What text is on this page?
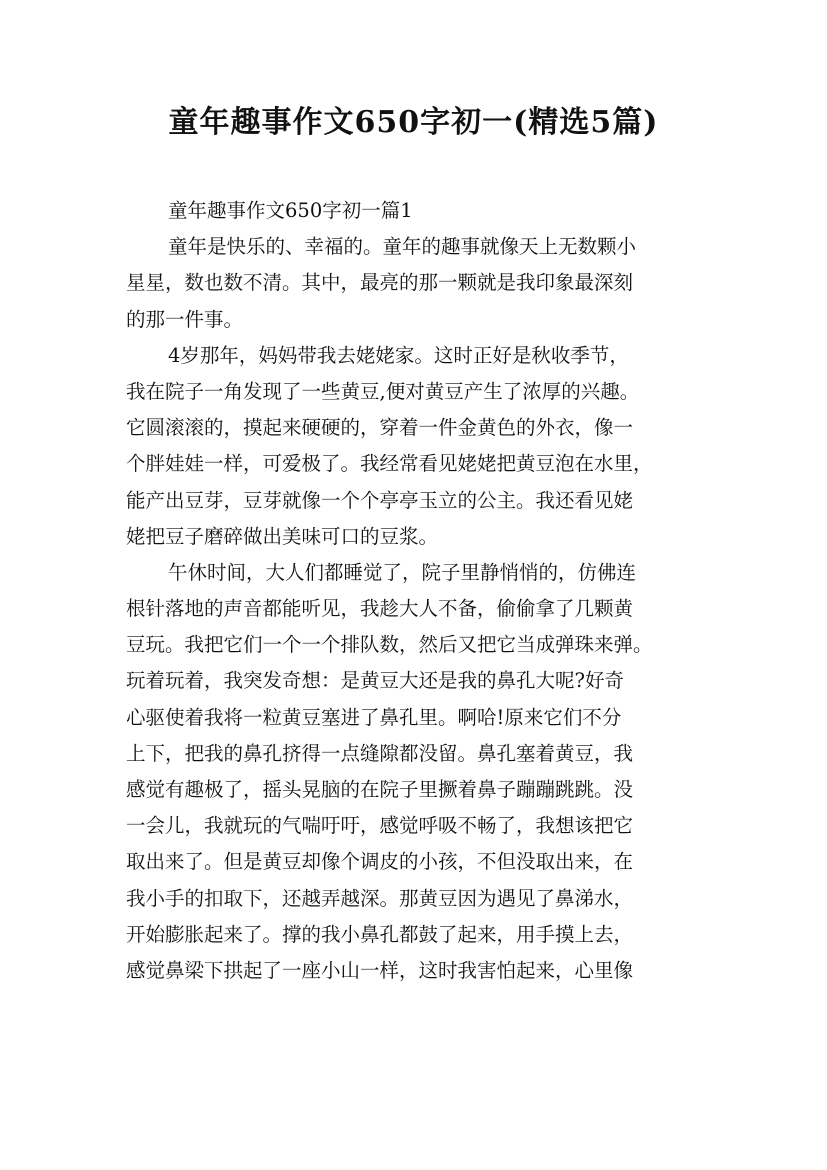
童年趣事作文650字初一(精选5篇)
童年趣事作文650字初一篇1
童年是快乐的、幸福的。童年的趣事就像天上无数颗小
星星，数也数不清。其中，最亮的那一颗就是我印象最深刻
的那一件事。
4岁那年，妈妈带我去姥姥家。这时正好是秋收季节，
我在院子一角发现了一些黄豆,便对黄豆产生了浓厚的兴趣。
它圆滚滚的，摸起来硬硬的，穿着一件金黄色的外衣，像一
个胖娃娃一样，可爱极了。我经常看见姥姥把黄豆泡在水里，
能产出豆芽，豆芽就像一个个亭亭玉立的公主。我还看见姥
姥把豆子磨碎做出美味可口的豆浆。
午休时间，大人们都睡觉了，院子里静悄悄的，仿佛连
根针落地的声音都能听见，我趁大人不备，偷偷拿了几颗黄
豆玩。我把它们一个一个排队数，然后又把它当成弹珠来弹。
玩着玩着，我突发奇想：是黄豆大还是我的鼻孔大呢?好奇
心驱使着我将一粒黄豆塞进了鼻孔里。啊哈!原来它们不分
上下，把我的鼻孔挤得一点缝隙都没留。鼻孔塞着黄豆，我
感觉有趣极了，摇头晃脑的在院子里撅着鼻子蹦蹦跳跳。没
一会儿，我就玩的气喘吁吁，感觉呼吸不畅了，我想该把它
取出来了。但是黄豆却像个调皮的小孩，不但没取出来，在
我小手的扣取下，还越弄越深。那黄豆因为遇见了鼻涕水，
开始膨胀起来了。撑的我小鼻孔都鼓了起来，用手摸上去，
感觉鼻梁下拱起了一座小山一样，这时我害怕起来，心里像
